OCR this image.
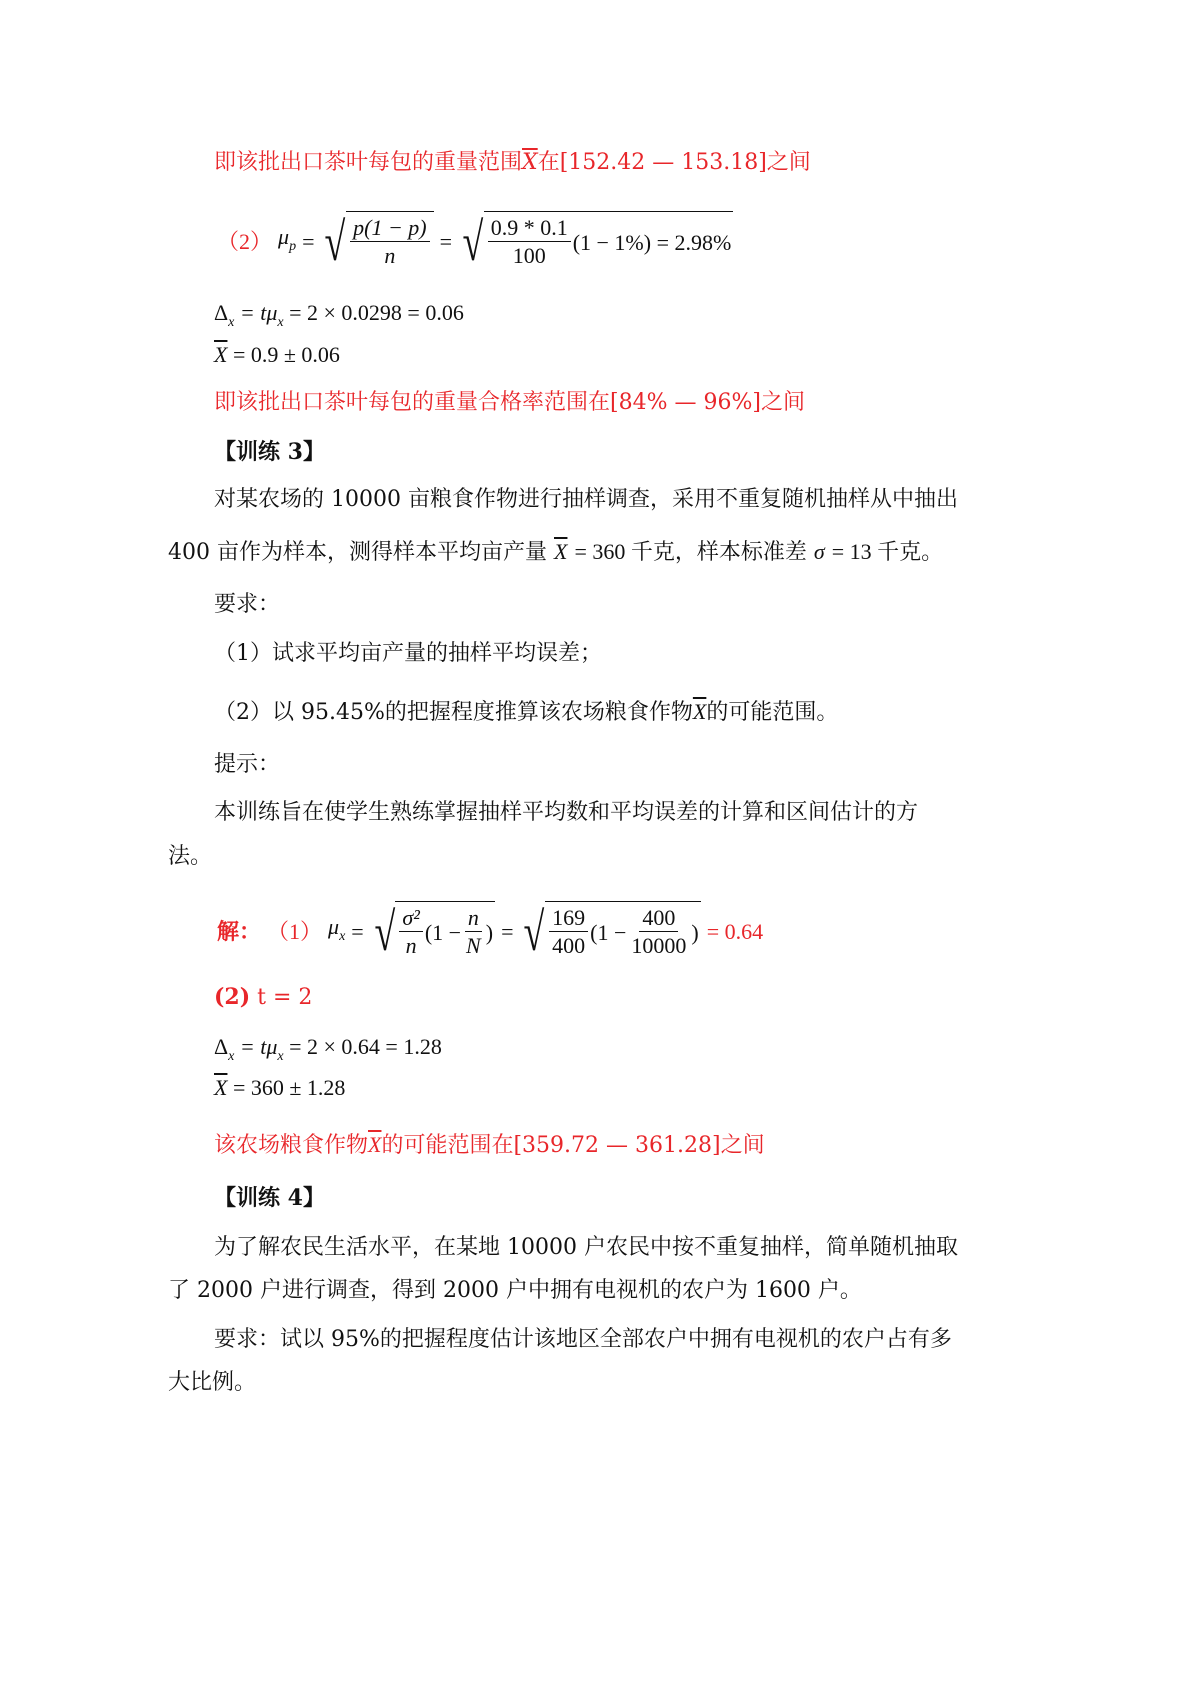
即该批出口茶叶每包的重量范围$\overline{X}$在[152.42 — 153.18]之间
（2） $\mu_p$ = √ $\frac{p(1 - p)}{n}$ = √ $\frac{0.9 * 0.1}{100} (1 - 1\%) = 2.98\%$
$\Delta_x = t\mu_x = 2 \times 0.0298 = 0.06$
$\overline{X} = 0.9 \pm 0.06$
即该批出口茶叶每包的重量合格率范围在[84% — 96%]之间
【训练 3】
对某农场的 10000 亩粮食作物进行抽样调查，采用不重复随机抽样从中抽出
400 亩作为样本，测得样本平均亩产量 $\overline{X} = 360$ 千克，样本标准差 σ = 13 千克。
要求：
（1）试求平均亩产量的抽样平均误差；
（2）以 95.45%的把握程度推算该农场粮食作物$\overline{X}$的可能范围。
提示：
本训练旨在使学生熟练掌握抽样平均数和平均误差的计算和区间估计的方
法。
解： （1） $\mu_x$ = √ $\frac{\text{σ²}}{n} (1 - \frac{n}{N}$ ) = √ $\frac{169}{400} (1 - \frac{400}{10000}$ ) = 0.64
(2) t = 2
$\Delta_x = t\mu_x = 2 \times 0.64 = 1.28$
$\overline{X} = 360 \pm 1.28$
该农场粮食作物$\overline{X}$的可能范围在[359.72 — 361.28]之间
【训练 4】
为了解农民生活水平，在某地 10000 户农民中按不重复抽样，简单随机抽取
了 2000 户进行调查，得到 2000 户中拥有电视机的农户为 1600 户。
要求：试以 95%的把握程度估计该地区全部农户中拥有电视机的农户占有多
大比例。
